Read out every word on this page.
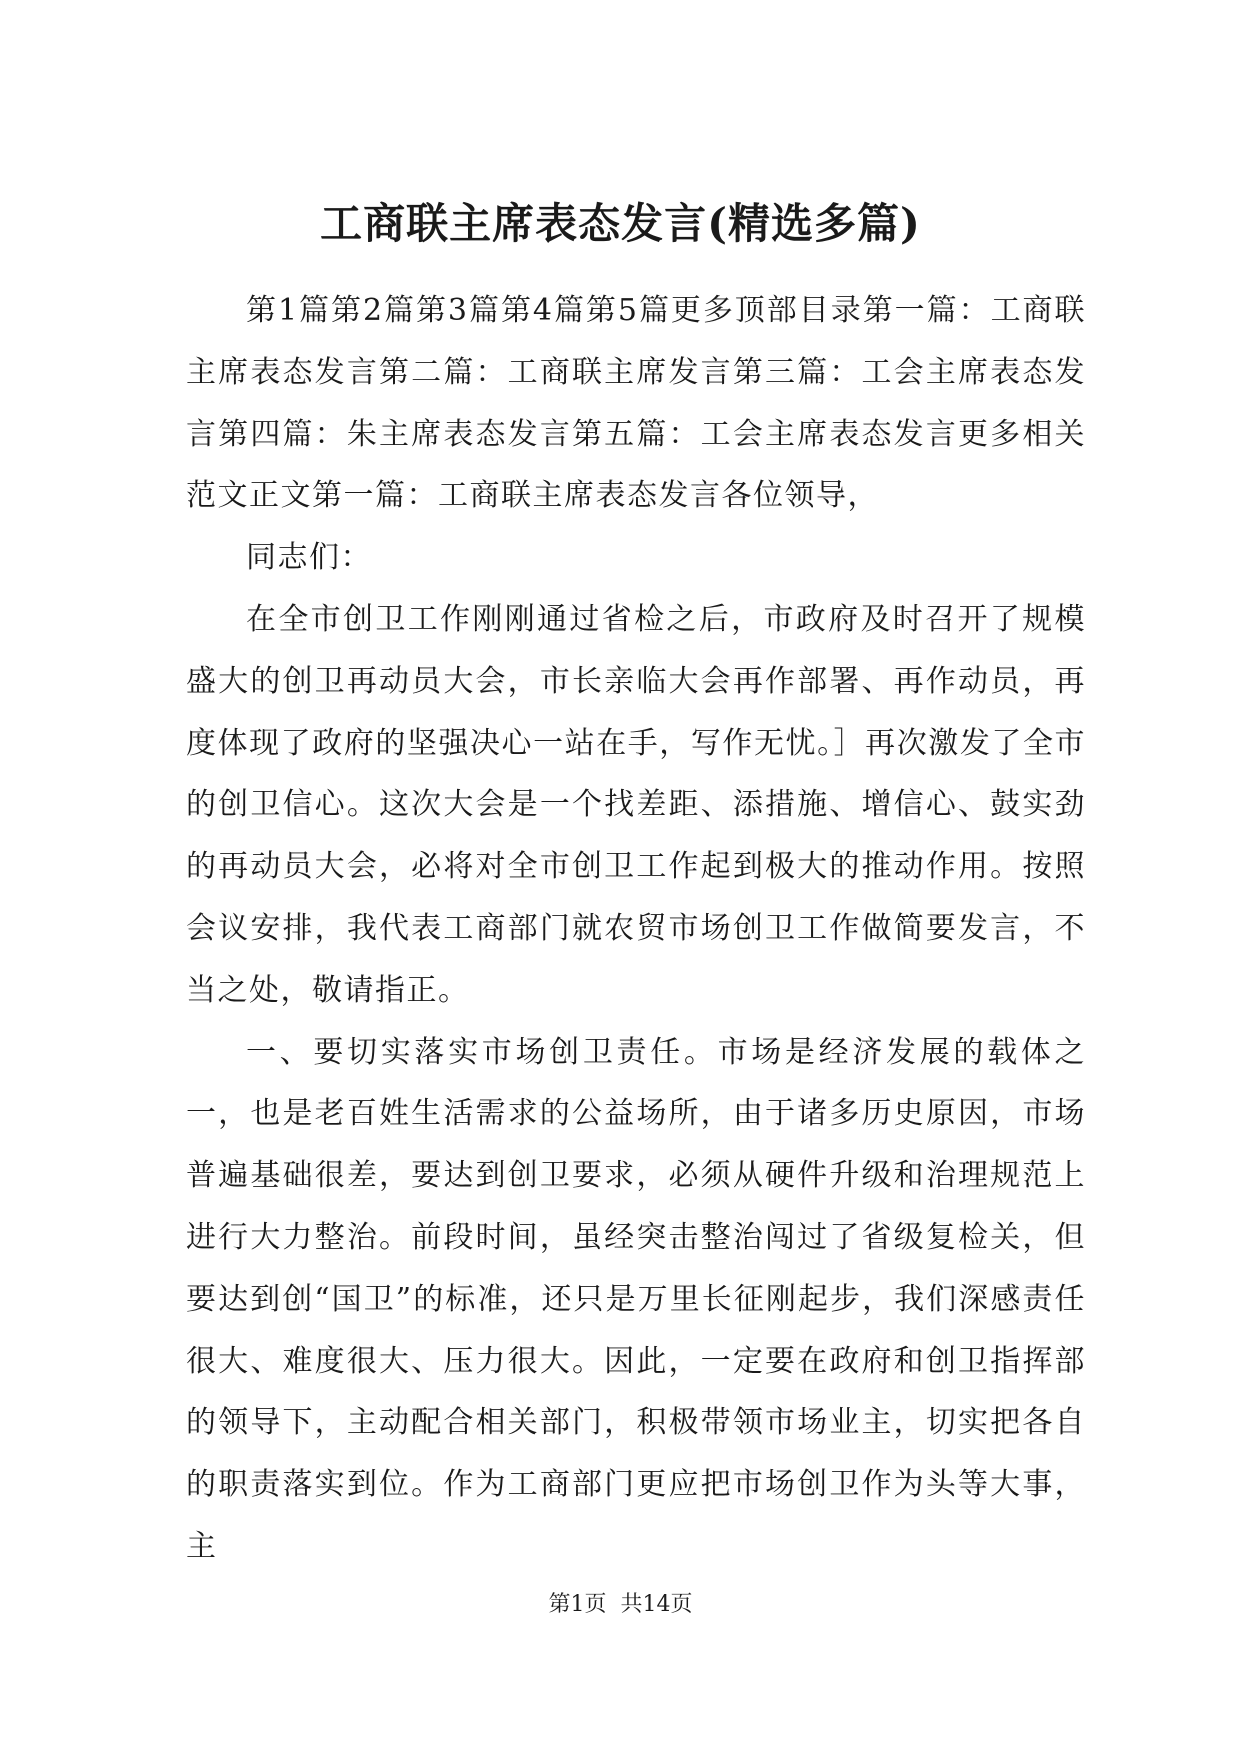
工商联主席表态发言(精选多篇)

第1篇第2篇第3篇第4篇第5篇更多顶部目录第一篇：工商联主席表态发言第二篇：工商联主席发言第三篇：工会主席表态发言第四篇：朱主席表态发言第五篇：工会主席表态发言更多相关范文正文第一篇：工商联主席表态发言各位领导，

同志们：

在全市创卫工作刚刚通过省检之后，市政府及时召开了规模盛大的创卫再动员大会，市长亲临大会再作部署、再作动员，再度体现了政府的坚强决心一站在手，写作无忧。］再次激发了全市的创卫信心。这次大会是一个找差距、添措施、增信心、鼓实劲的再动员大会，必将对全市创卫工作起到极大的推动作用。按照会议安排，我代表工商部门就农贸市场创卫工作做简要发言，不当之处，敬请指正。

一、要切实落实市场创卫责任。市场是经济发展的载体之一，也是老百姓生活需求的公益场所，由于诸多历史原因，市场普遍基础很差，要达到创卫要求，必须从硬件升级和治理规范上进行大力整治。前段时间，虽经突击整治闯过了省级复检关，但要达到创“国卫”的标准，还只是万里长征刚起步，我们深感责任很大、难度很大、压力很大。因此，一定要在政府和创卫指挥部的领导下，主动配合相关部门，积极带领市场业主，切实把各自的职责落实到位。作为工商部门更应把市场创卫作为头等大事，主

第1页 共14页
